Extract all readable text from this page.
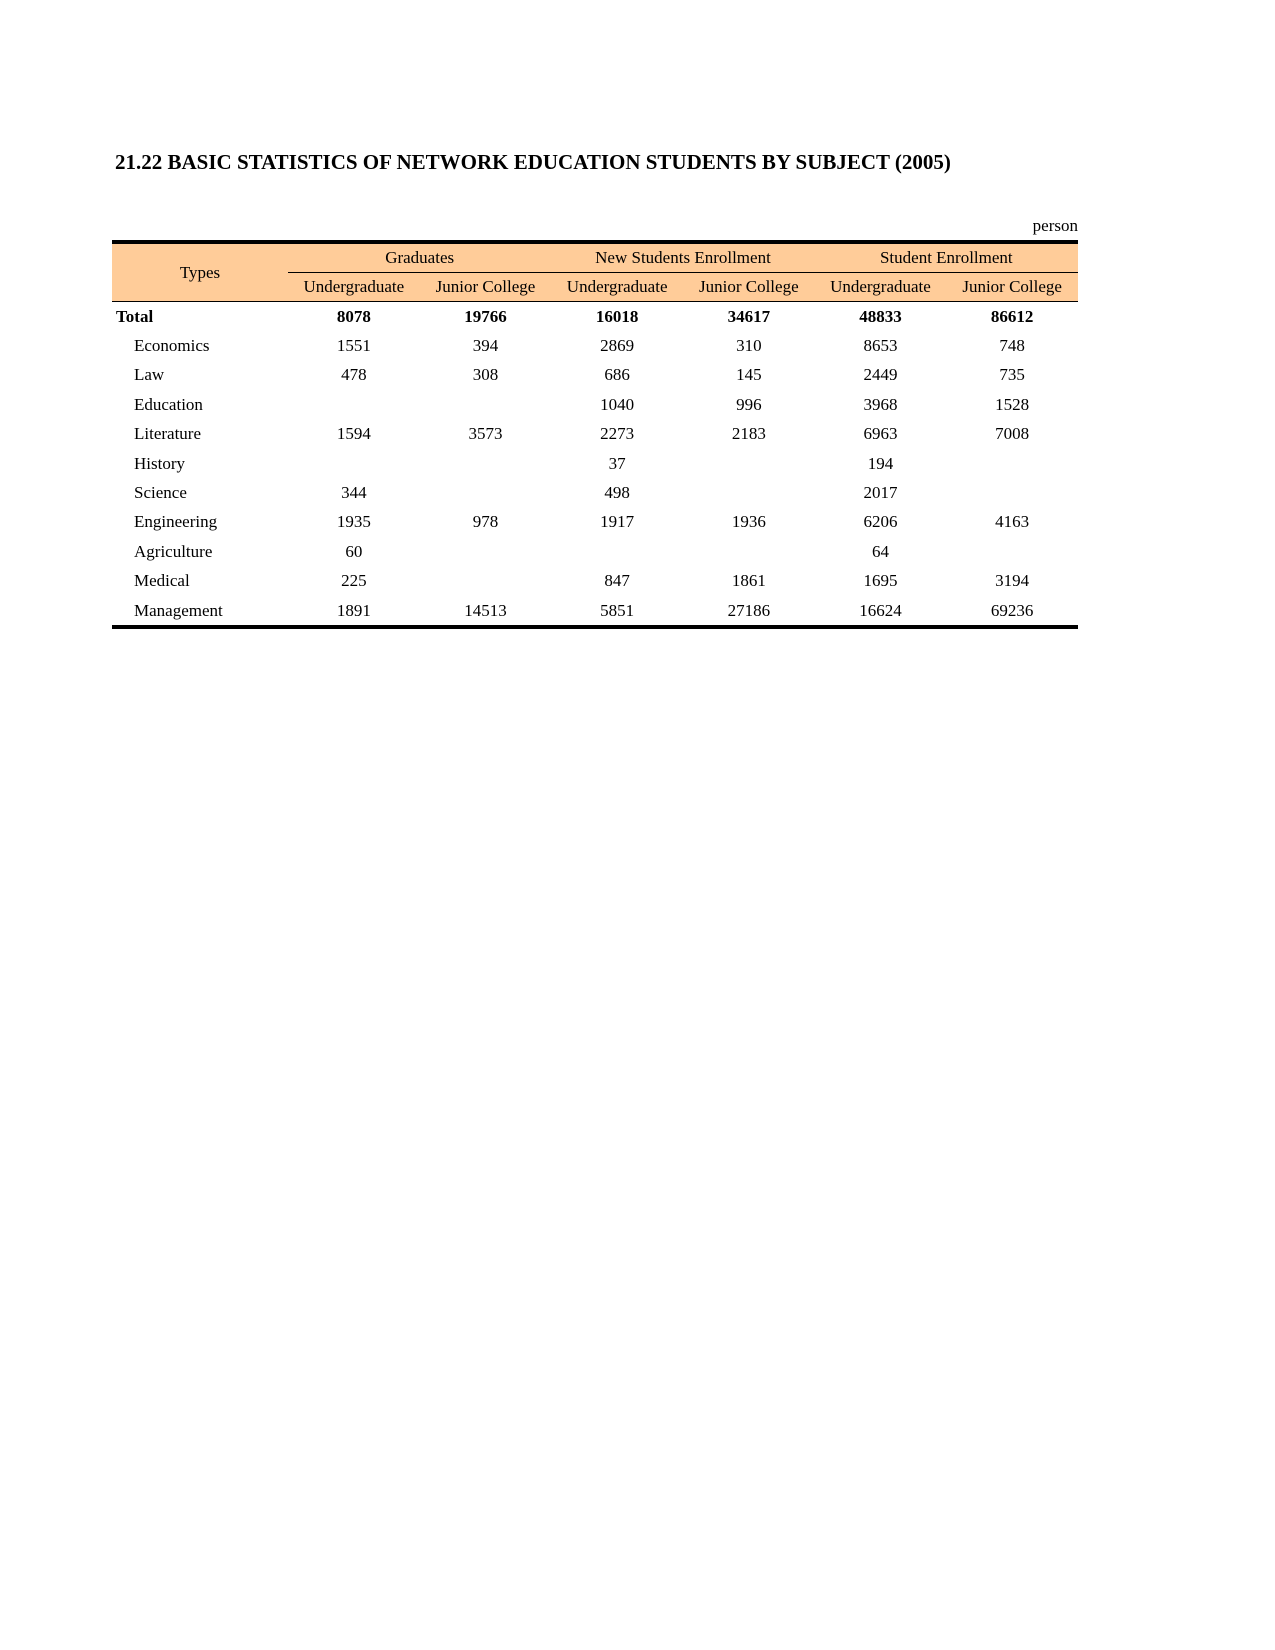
21.22 BASIC STATISTICS OF NETWORK EDUCATION STUDENTS BY SUBJECT (2005)
person
Types	Graduates		New Students Enrollment		Student Enrollment	
	Undergraduate	Junior College	Undergraduate	Junior College	Undergraduate	Junior College
Total	8078	19766	16018	34617	48833	86612
Economics	1551	394	2869	310	8653	748
Law	478	308	686	145	2449	735
Education			1040	996	3968	1528
Literature	1594	3573	2273	2183	6963	7008
History			37		194	
Science	344		498		2017	
Engineering	1935	978	1917	1936	6206	4163
Agriculture	60				64	
Medical	225		847	1861	1695	3194
Management	1891	14513	5851	27186	16624	69236
